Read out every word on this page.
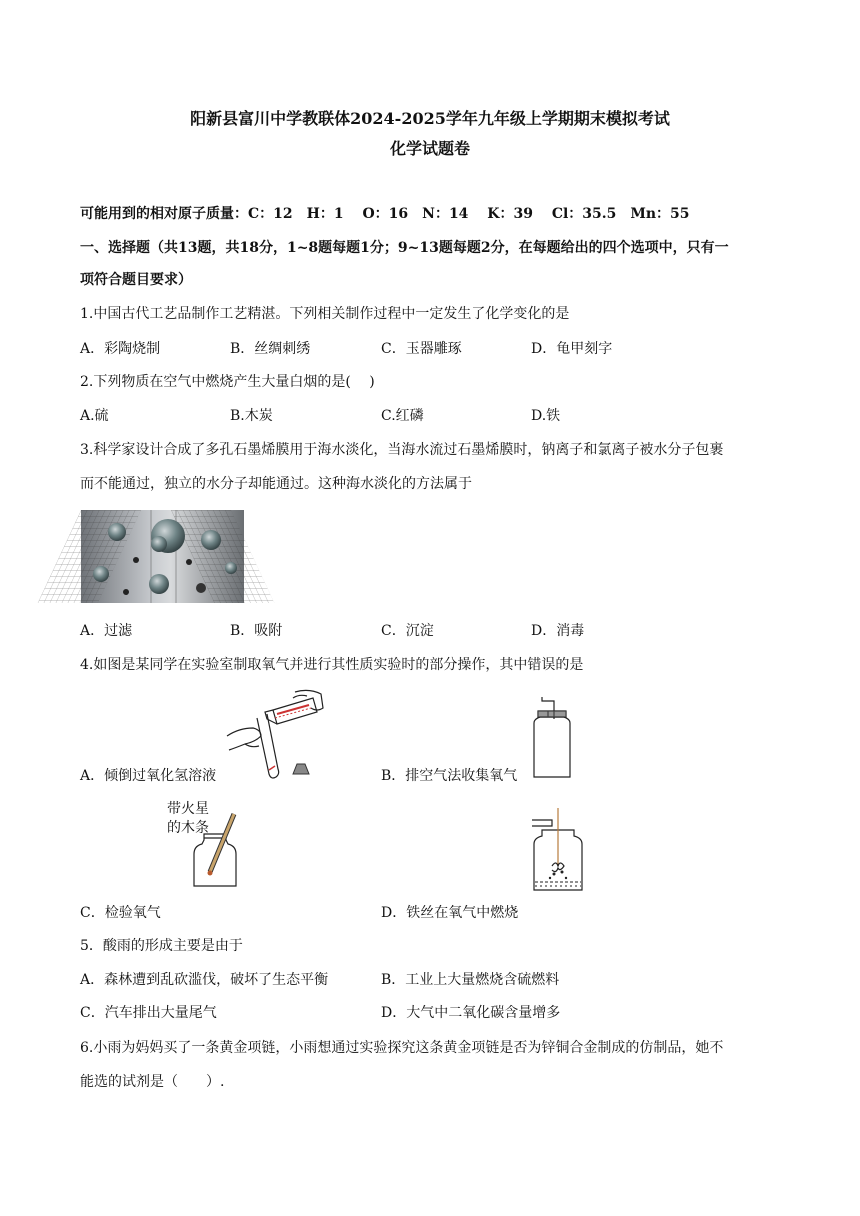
阳新县富川中学教联体2024-2025学年九年级上学期期末模拟考试
化学试题卷
可能用到的相对原子质量：C：12　H：1　 O：16　N：14　 K：39　 Cl：35.5　Mn：55
一、选择题（共13题，共18分，1~8题每题1分；9~13题每题2分，在每题给出的四个选项中，只有一
项符合题目要求）
1.中国古代工艺品制作工艺精湛。下列相关制作过程中一定发生了化学变化的是
A．彩陶烧制	B．丝绸刺绣	C．玉器雕琢	D．龟甲刻字
2.下列物质在空气中燃烧产生大量白烟的是(　 )
A.硫	B.木炭	C.红磷	D.铁
3.科学家设计合成了多孔石墨烯膜用于海水淡化，当海水流过石墨烯膜时，钠离子和氯离子被水分子包裹
而不能通过，独立的水分子却能通过。这种海水淡化的方法属于
A．过滤	B．吸附	C．沉淀	D．消毒
4.如图是某同学在实验室制取氧气并进行其性质实验时的部分操作，其中错误的是
A．倾倒过氧化氢溶液	B．排空气法收集氧气
带火星
的木条
C．检验氧气	D．铁丝在氧气中燃烧
5．酸雨的形成主要是由于
A．森林遭到乱砍滥伐，破坏了生态平衡	B．工业上大量燃烧含硫燃料
C．汽车排出大量尾气	D．大气中二氧化碳含量增多
6.小雨为妈妈买了一条黄金项链，小雨想通过实验探究这条黄金项链是否为锌铜合金制成的仿制品，她不
能选的试剂是（　　）.
